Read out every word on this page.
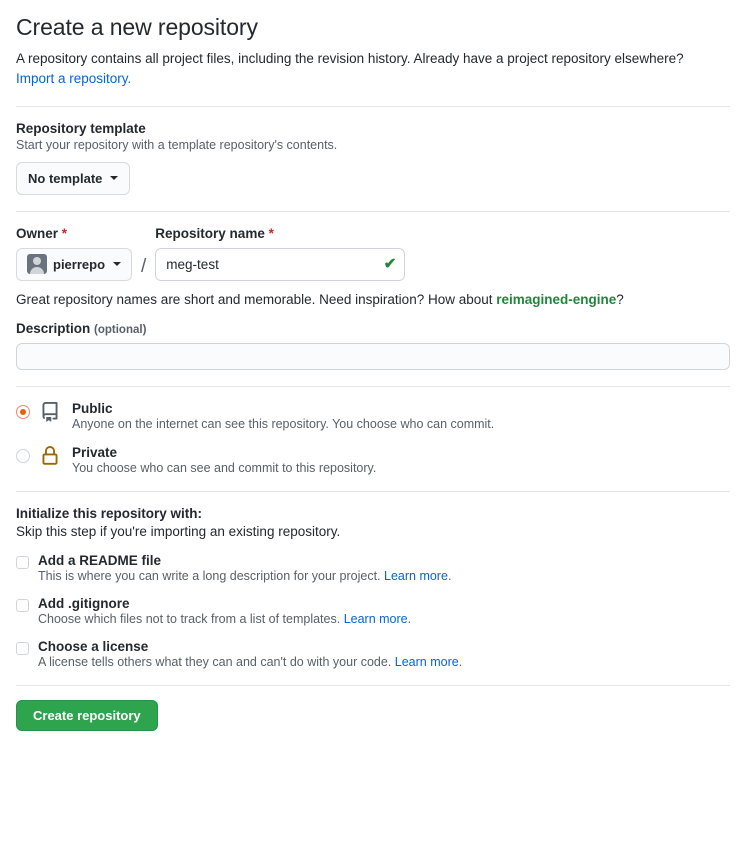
Create a new repository

A repository contains all project files, including the revision history. Already have a project repository elsewhere?
Import a repository.

Repository template
Start your repository with a template repository's contents.
No template
Owner *
pierrepo /
Repository name *
meg-test
✔
Great repository names are short and memorable. Need inspiration? How about reimagined-engine?
Description (optional)
Public
Anyone on the internet can see this repository. You choose who can commit.
Private
You choose who can see and commit to this repository.
Initialize this repository with:
Skip this step if you're importing an existing repository.
Add a README file
This is where you can write a long description for your project. Learn more.
Add .gitignore
Choose which files not to track from a list of templates. Learn more.
Choose a license
A license tells others what they can and can't do with your code. Learn more.
Create repository
